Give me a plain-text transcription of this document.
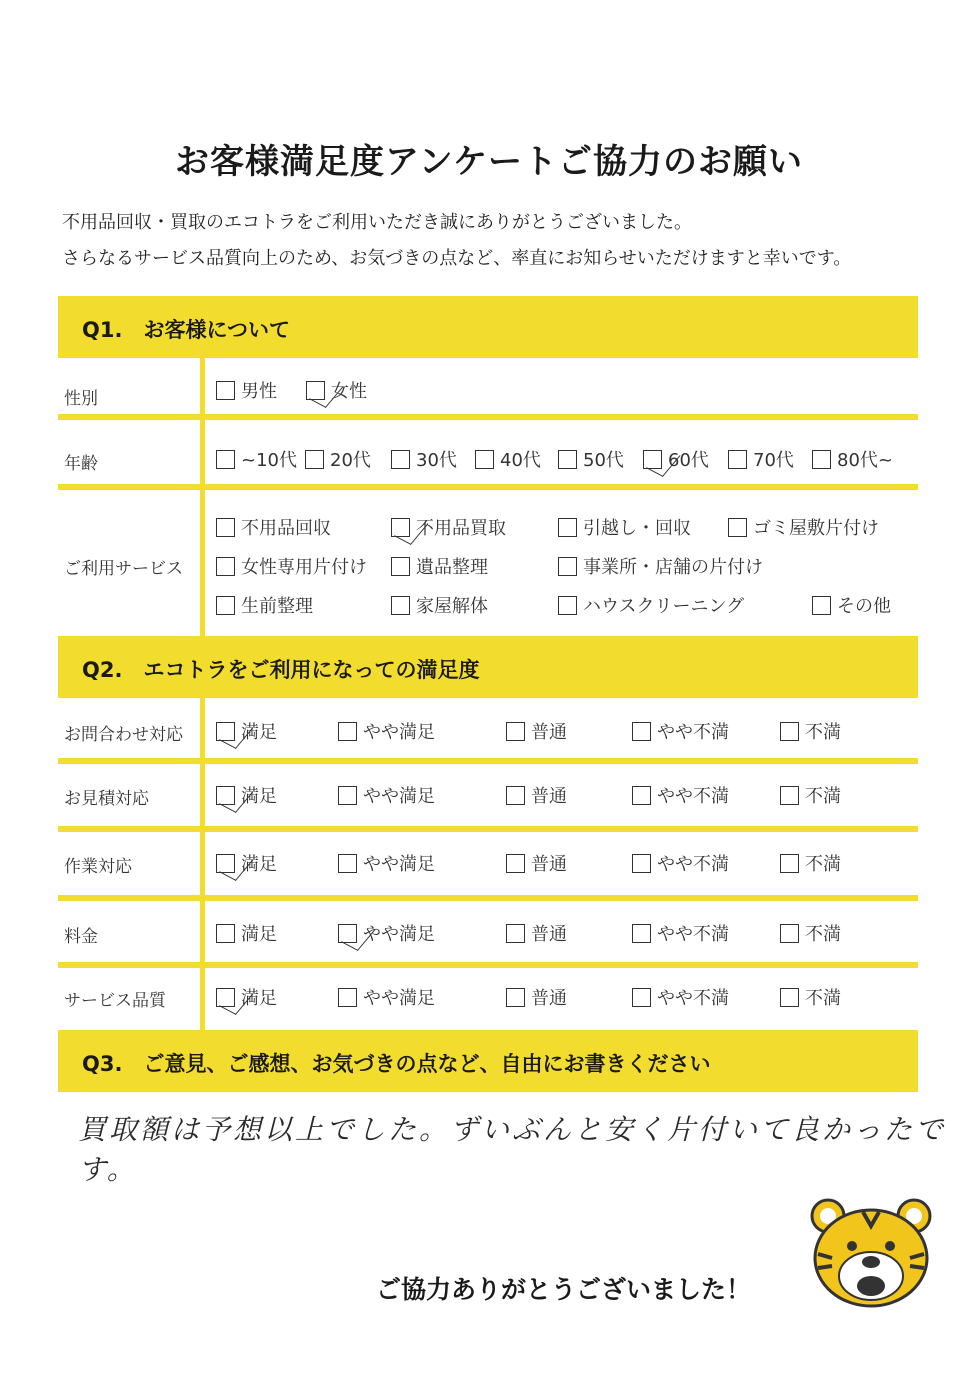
お客様満足度アンケートご協力のお願い
不用品回収・買取のエコトラをご利用いただき誠にありがとうございました。
さらなるサービス品質向上のため、お気づきの点など、率直にお知らせいただけますと幸いです。
Q1.　お客様について
性別	男性	女性
年齢	~10代 20代	30代 40代 50代 60代 70代 80代~
ご利用サービス
不用品回収	不用品買取	引越し・回収	ゴミ屋敷片付け
女性専用片付け	遺品整理	事業所・店舗の片付け
生前整理	家屋解体	ハウスクリーニング	その他
Q2.　エコトラをご利用になっての満足度
お問合わせ対応	満足	やや満足	普通	やや不満	不満
お見積対応	満足	やや満足	普通	やや不満	不満
作業対応	満足	やや満足	普通	やや不満	不満
料金	満足	やや満足	普通	やや不満	不満
サービス品質	満足	やや満足	普通	やや不満	不満
Q3.　ご意見、ご感想、お気づきの点など、自由にお書きください
買取額は予想以上でした。ずいぶんと安く片付いて良かったです。
ご協力ありがとうございました！
